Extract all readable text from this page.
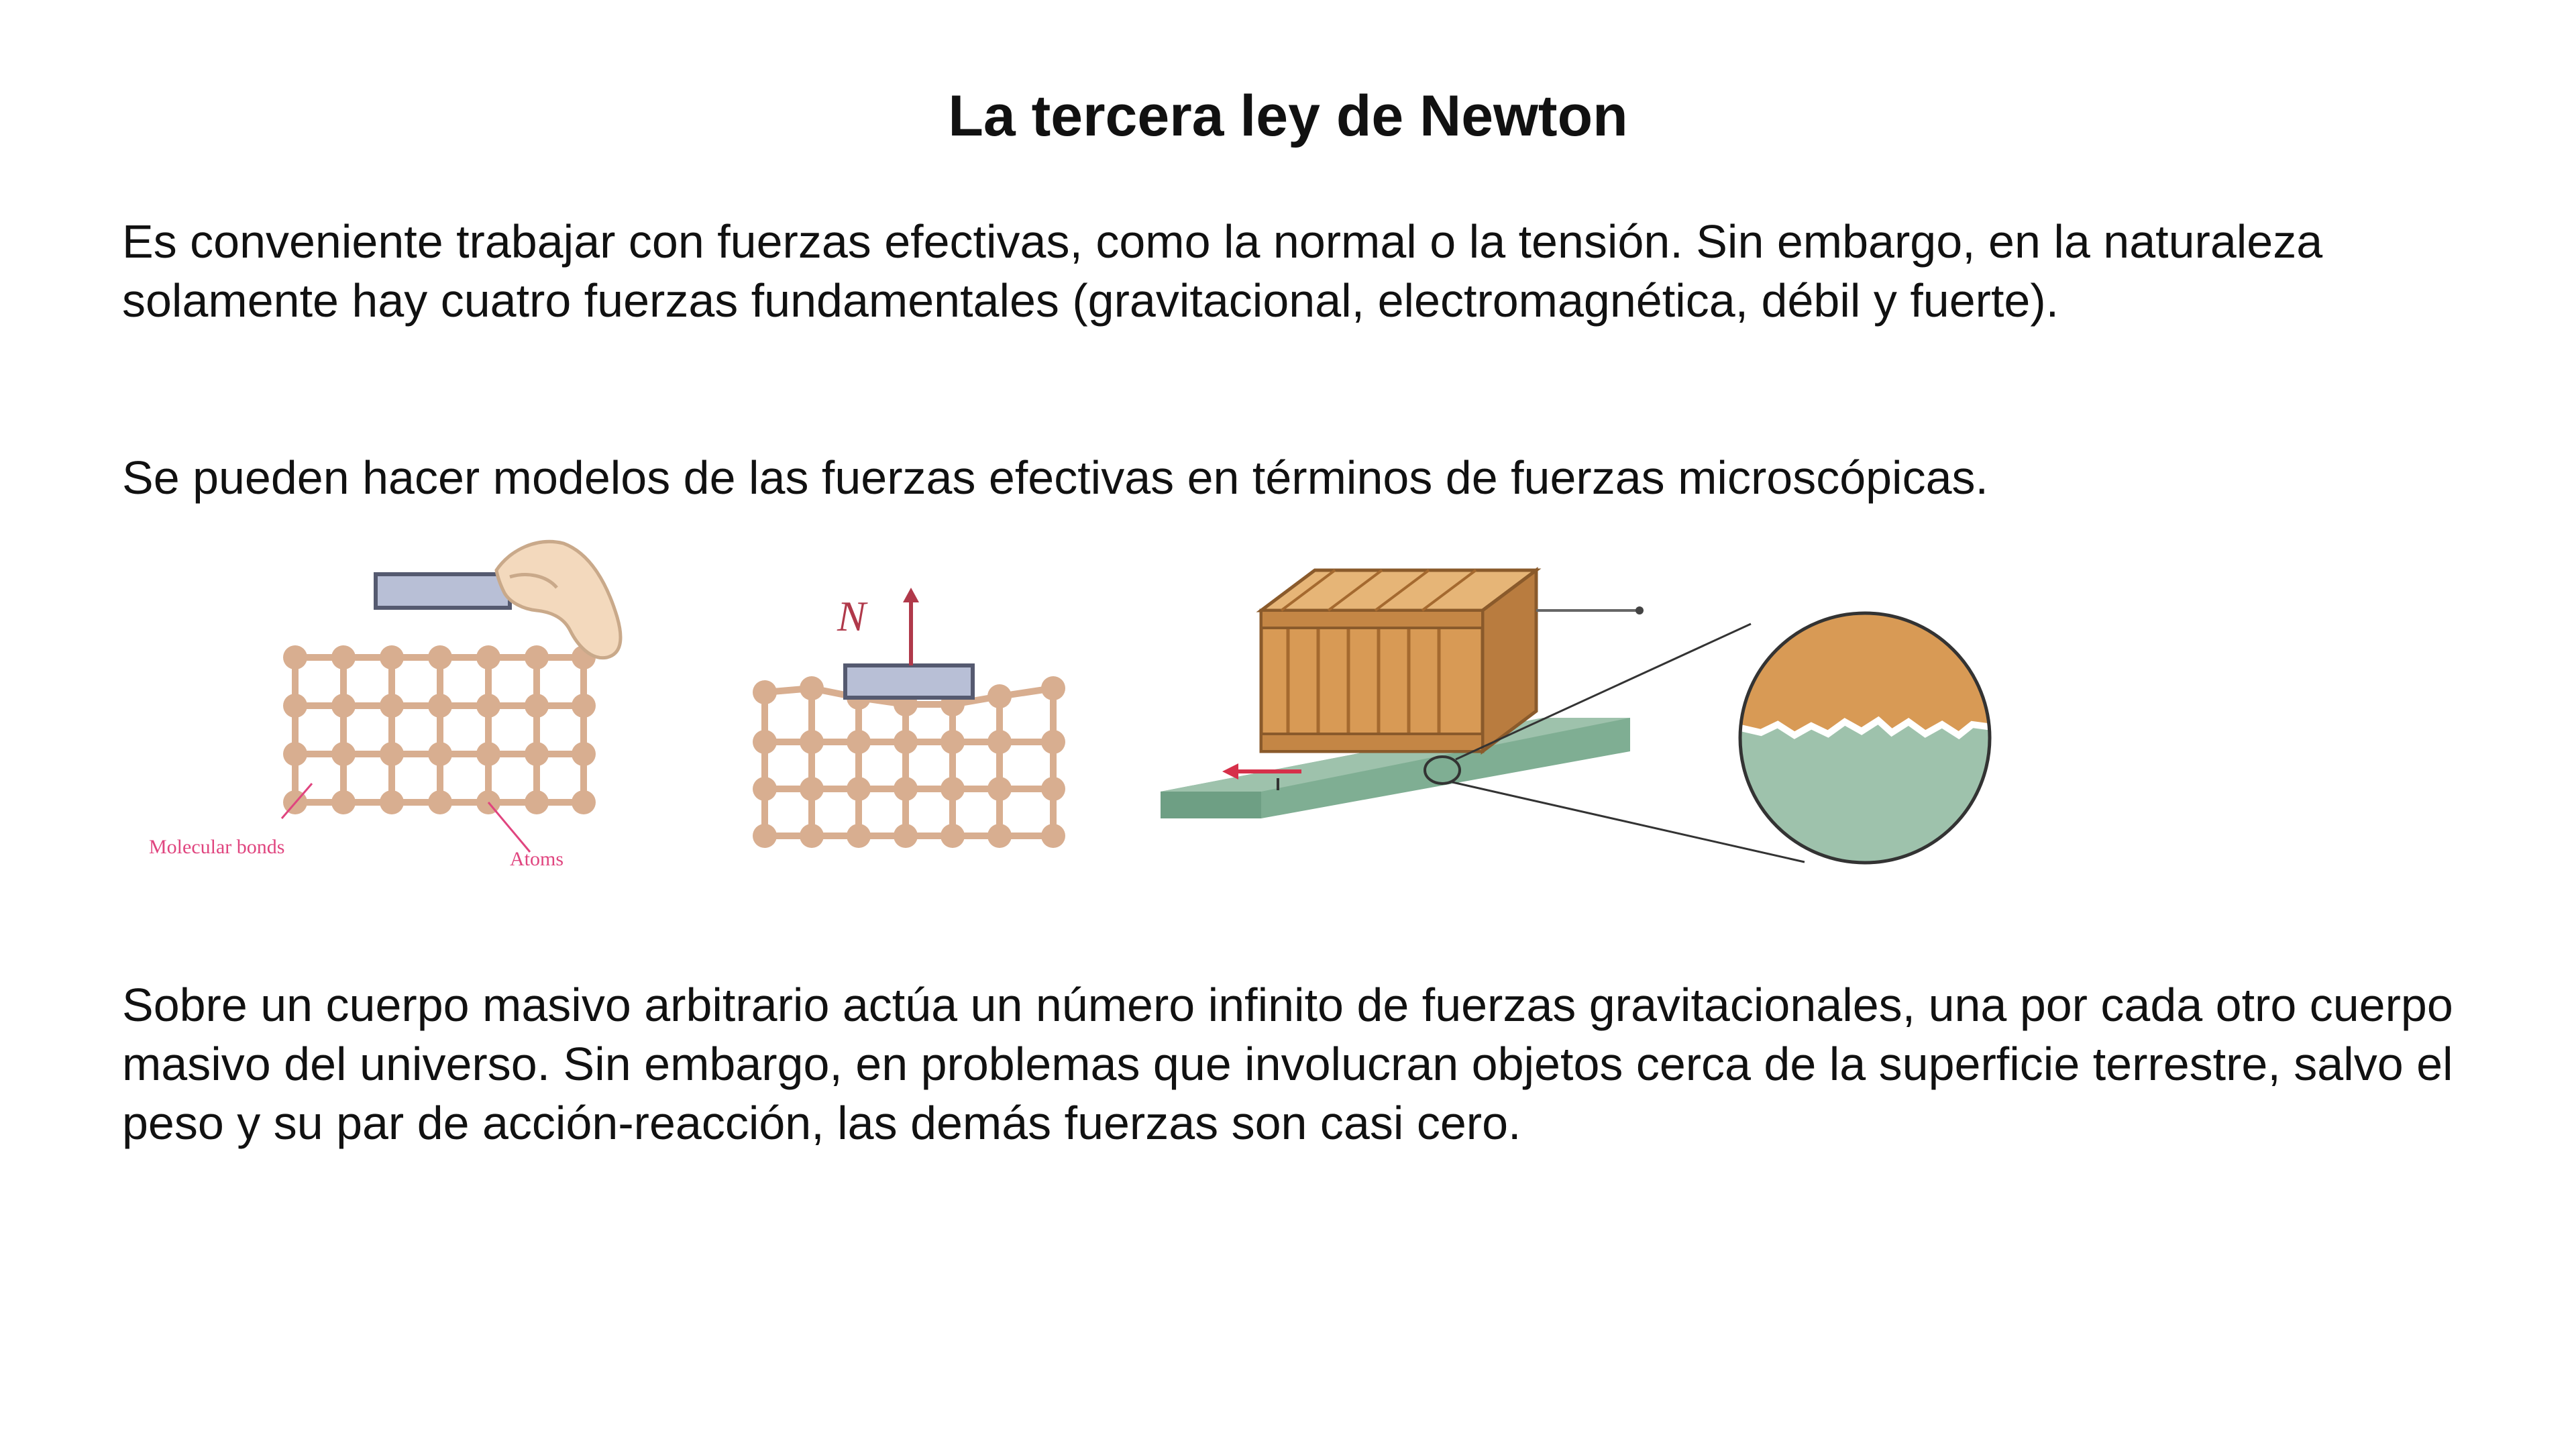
La tercera ley de Newton

Es conveniente trabajar con fuerzas efectivas, como la normal o la tensión. Sin embargo, en la naturaleza solamente hay cuatro fuerzas fundamentales (gravitacional, electromagnética, débil y fuerte).

Se pueden hacer modelos de las fuerzas efectivas en términos de fuerzas microscópicas.

Molecular bonds
Atoms
N

Sobre un cuerpo masivo arbitrario actúa un número infinito de fuerzas gravitacionales, una por cada otro cuerpo masivo del universo. Sin embargo, en problemas que involucran objetos cerca de la superficie terrestre, salvo el peso y su par de acción-reacción, las demás fuerzas son casi cero.
